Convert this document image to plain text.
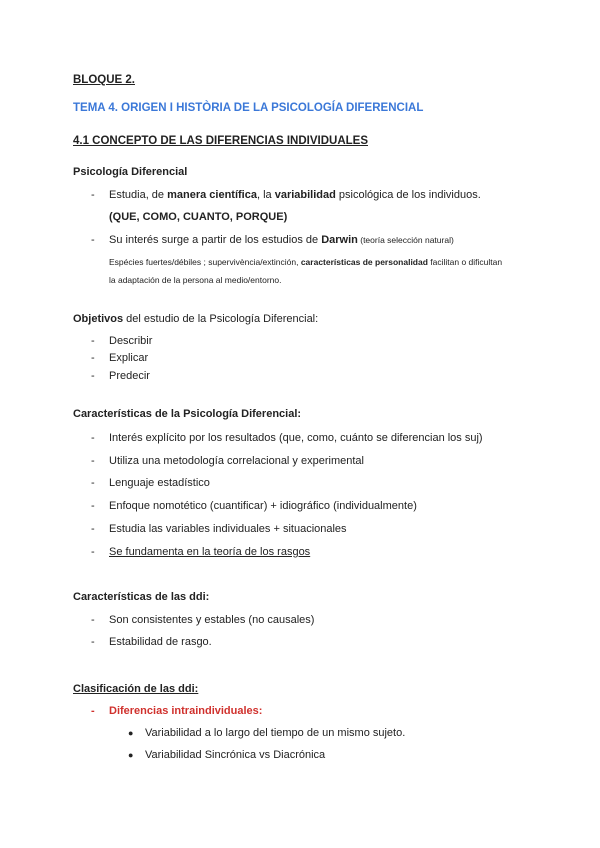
BLOQUE 2.
TEMA 4. ORIGEN I HISTÒRIA DE LA PSICOLOGÍA DIFERENCIAL
4.1 CONCEPTO DE LAS DIFERENCIAS INDIVIDUALES
Psicología Diferencial
- Estudia, de manera científica, la variabilidad psicológica de los individuos.
(QUE, COMO, CUANTO, PORQUE)
- Su interés surge a partir de los estudios de Darwin (teoría selección natural)
Espécies fuertes/débiles ; supervivència/extinción, características de personalidad facilitan o dificultan
la adaptación de la persona al medio/entorno.
Objetivos del estudio de la Psicología Diferencial:
- Describir
- Explicar
- Predecir
Características de la Psicología Diferencial:
- Interés explícito por los resultados (que, como, cuánto se diferencian los suj)
- Utiliza una metodología correlacional y experimental
- Lenguaje estadístico
- Enfoque nomotético (cuantificar) + idiográfico (individualmente)
- Estudia las variables individuales + situacionales
- Se fundamenta en la teoría de los rasgos
Características de las ddi:
- Son consistentes y estables (no causales)
- Estabilidad de rasgo.
Clasificación de las ddi:
- Diferencias intraindividuales:
● Variabilidad a lo largo del tiempo de un mismo sujeto.
● Variabilidad Sincrónica vs Diacrónica
